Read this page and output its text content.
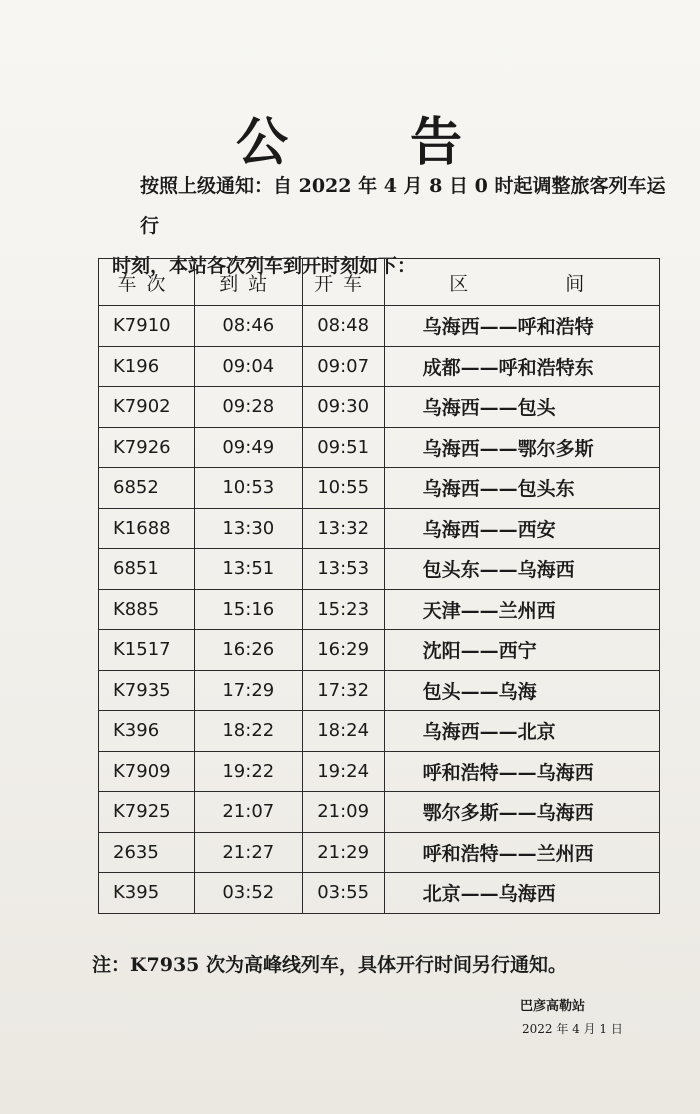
公 告
按照上级通知：自 2022 年 4 月 8 日 0 时起调整旅客列车运行
时刻，本站各次列车到开时刻如下：
车次	到站	开车	区　　　间
K7910	08:46	08:48	乌海西——呼和浩特
K196	09:04	09:07	成都——呼和浩特东
K7902	09:28	09:30	乌海西——包头
K7926	09:49	09:51	乌海西——鄂尔多斯
6852	10:53	10:55	乌海西——包头东
K1688	13:30	13:32	乌海西——西安
6851	13:51	13:53	包头东——乌海西
K885	15:16	15:23	天津——兰州西
K1517	16:26	16:29	沈阳——西宁
K7935	17:29	17:32	包头——乌海
K396	18:22	18:24	乌海西——北京
K7909	19:22	19:24	呼和浩特——乌海西
K7925	21:07	21:09	鄂尔多斯——乌海西
2635	21:27	21:29	呼和浩特——兰州西
K395	03:52	03:55	北京——乌海西
注：K7935 次为高峰线列车，具体开行时间另行通知。
巴彦高勒站
2022 年 4 月 1 日
